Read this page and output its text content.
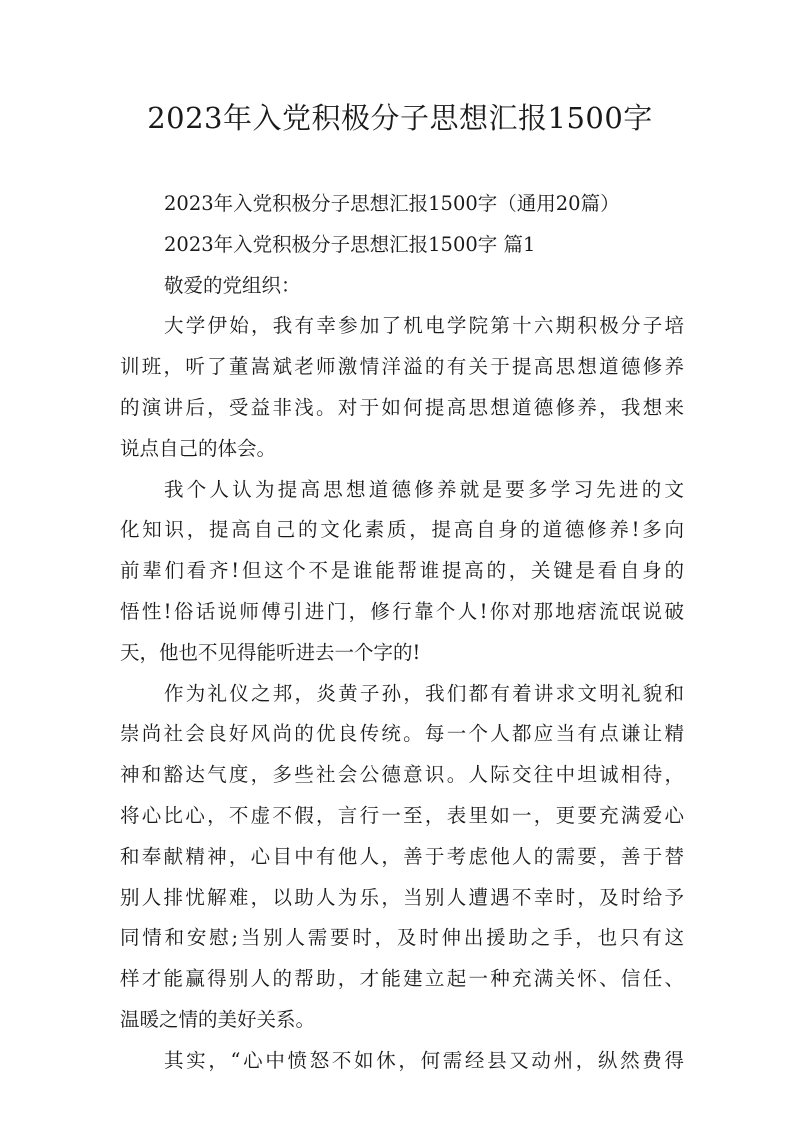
2023年入党积极分子思想汇报1500字
2023年入党积极分子思想汇报1500字（通用20篇）
2023年入党积极分子思想汇报1500字 篇1
敬爱的党组织：
大学伊始，我有幸参加了机电学院第十六期积极分子培
训班，听了董嵩斌老师激情洋溢的有关于提高思想道德修养
的演讲后，受益非浅。对于如何提高思想道德修养，我想来
说点自己的体会。
我个人认为提高思想道德修养就是要多学习先进的文
化知识，提高自己的文化素质，提高自身的道德修养!多向
前辈们看齐!但这个不是谁能帮谁提高的，关键是看自身的
悟性!俗话说师傅引进门，修行靠个人!你对那地痞流氓说破
天，他也不见得能听进去一个字的!
作为礼仪之邦，炎黄子孙，我们都有着讲求文明礼貌和
崇尚社会良好风尚的优良传统。每一个人都应当有点谦让精
神和豁达气度，多些社会公德意识。人际交往中坦诚相待，
将心比心，不虚不假，言行一至，表里如一，更要充满爱心
和奉献精神，心目中有他人，善于考虑他人的需要，善于替
别人排忧解难，以助人为乐，当别人遭遇不幸时，及时给予
同情和安慰;当别人需要时，及时伸出援助之手，也只有这
样才能赢得别人的帮助，才能建立起一种充满关怀、信任、
温暖之情的美好关系。
其实，“心中愤怒不如休，何需经县又动州，纵然费得
